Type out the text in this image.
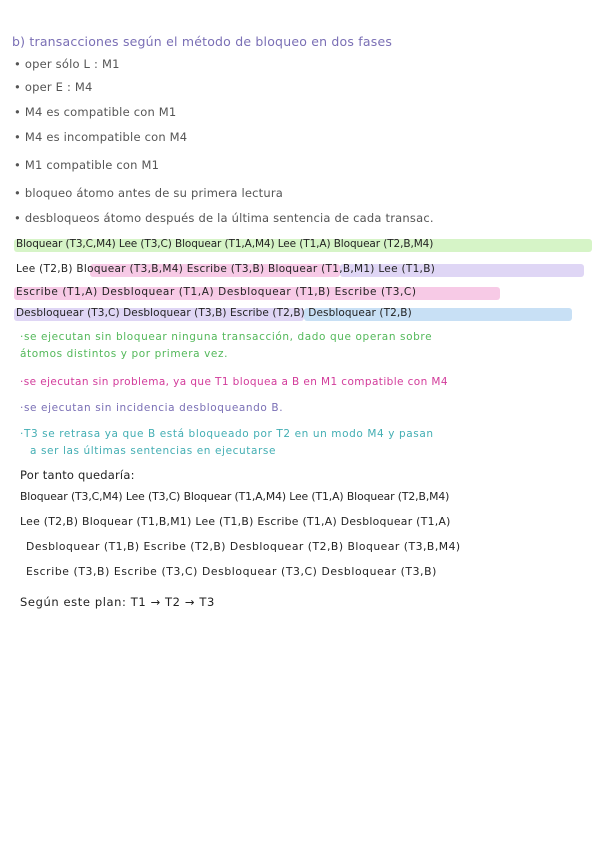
b) transacciones según el método de bloqueo en dos fases
• oper sólo L : M1
• oper E : M4
• M4 es compatible con M1
• M4 es incompatible con M4
• M1 compatible con M1
• bloqueo átomo antes de su primera lectura
• desbloqueos átomo después de la última sentencia de cada transac.
Bloquear (T3,C,M4) Lee (T3,C) Bloquear (T1,A,M4) Lee (T1,A) Bloquear (T2,B,M4)
Lee (T2,B) Bloquear (T3,B,M4) Escribe (T3,B) Bloquear (T1,B,M1) Lee (T1,B)
Escribe (T1,A) Desbloquear (T1,A) Desbloquear (T1,B) Escribe (T3,C)
Desbloquear (T3,C) Desbloquear (T3,B) Escribe (T2,B) Desbloquear (T2,B)
·se ejecutan sin bloquear ninguna transacción, dado que operan sobre
átomos distintos y por primera vez.
·se ejecutan sin problema, ya que T1 bloquea a B en M1 compatible con M4
·se ejecutan sin incidencia desbloqueando B.
·T3 se retrasa ya que B está bloqueado por T2 en un modo M4 y pasan
a ser las últimas sentencias en ejecutarse
Por tanto quedaría:
Bloquear (T3,C,M4) Lee (T3,C) Bloquear (T1,A,M4) Lee (T1,A) Bloquear (T2,B,M4)
Lee (T2,B) Bloquear (T1,B,M1) Lee (T1,B) Escribe (T1,A) Desbloquear (T1,A)
Desbloquear (T1,B) Escribe (T2,B) Desbloquear (T2,B) Bloquear (T3,B,M4)
Escribe (T3,B) Escribe (T3,C) Desbloquear (T3,C) Desbloquear (T3,B)
Según este plan: T1 → T2 → T3
